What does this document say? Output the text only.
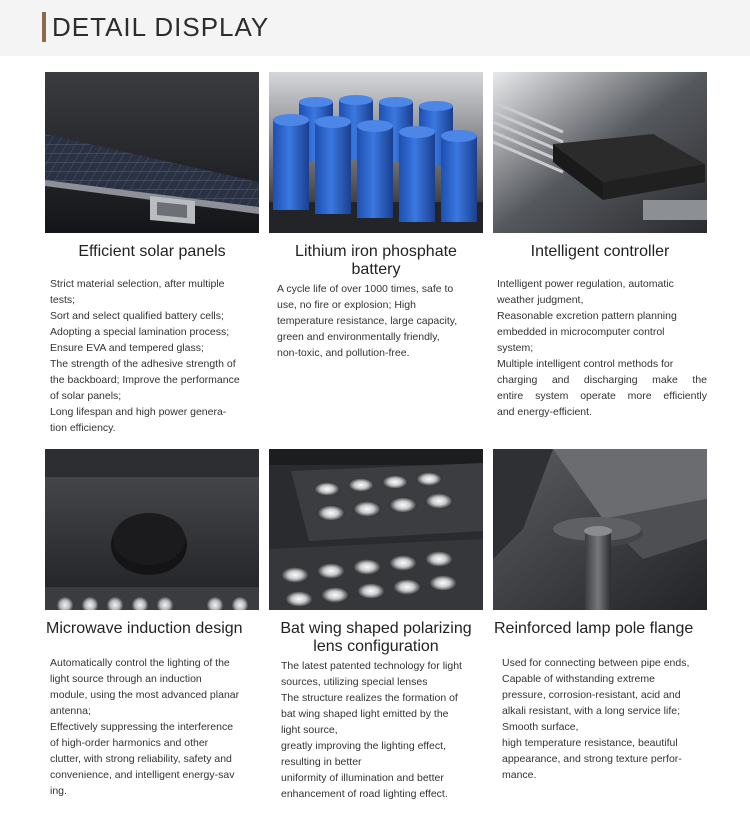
DETAIL DISPLAY
Efficient solar panels

Strict material selection, after multiple

tests;

Sort and select qualified battery cells;

Adopting a special lamination process;

Ensure EVA and tempered glass;

The strength of the adhesive strength of

the backboard; Improve the performance

of solar panels;

Long lifespan and high power genera-

tion efficiency.

Lithium iron phosphate battery

A cycle life of over 1000 times, safe to

use, no fire or explosion; High

temperature resistance, large capacity,

green and environmentally friendly,

non-toxic, and pollution-free.

Intelligent controller

Intelligent power regulation, automatic

weather judgment,

Reasonable excretion pattern planning

embedded in microcomputer control

system;

Multiple intelligent control methods for

charging and discharging make the

entire system operate more efficiently

and energy-efficient.

Microwave induction design

Automatically control the lighting of the

light source through an induction

module, using the most advanced planar

antenna;

Effectively suppressing the interference

of high-order harmonics and other

clutter, with strong reliability, safety and

convenience, and intelligent energy-sav

ing.

Bat wing shaped polarizing lens configuration

The latest patented technology for light

sources, utilizing special lenses

The structure realizes the formation of

bat wing shaped light emitted by the

light source,

greatly improving the lighting effect,

resulting in better

uniformity of illumination and better

enhancement of road lighting effect.

Reinforced lamp pole flange

Used for connecting between pipe ends,

Capable of withstanding extreme

pressure, corrosion-resistant, acid and

alkali resistant, with a long service life;

Smooth surface,

high temperature resistance, beautiful

appearance, and strong texture perfor-

mance.
